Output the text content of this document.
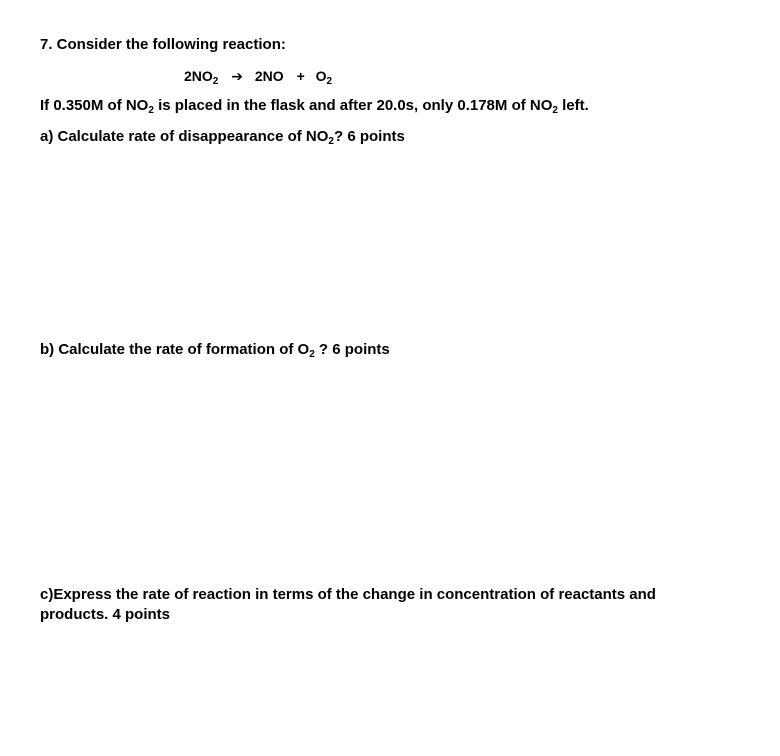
7. Consider the following reaction:
$2NO_2$ ➔ $2NO + O_2$
If 0.350M of $NO_2$ is placed in the flask and after 20.0s, only 0.178M of $NO_2$ left.
a) Calculate rate of disappearance of $NO_2$? 6 points
b) Calculate the rate of formation of $O_2$ ? 6 points
c)Express the rate of reaction in terms of the change in concentration of reactants and
products. 4 points
